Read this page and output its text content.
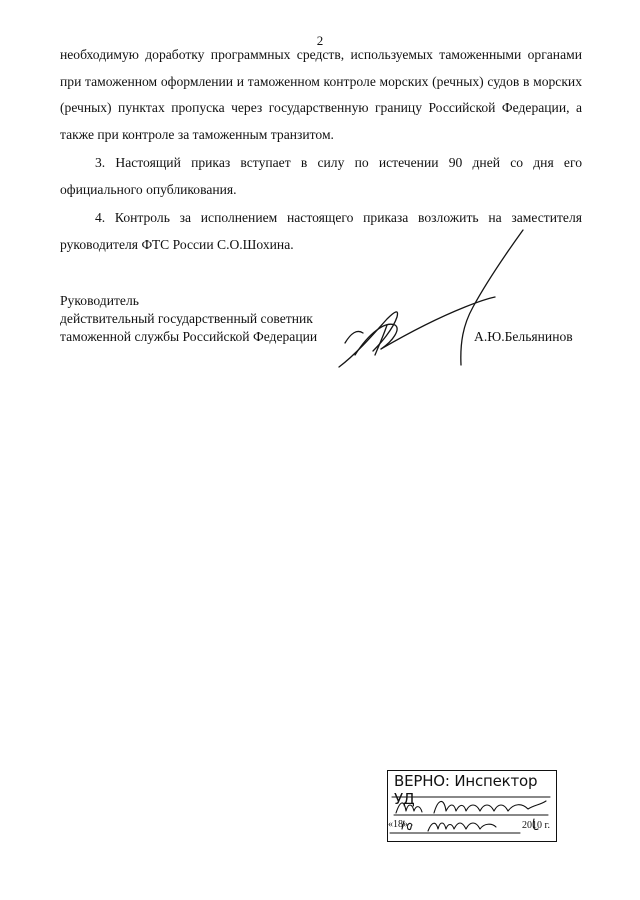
2

необходимую доработку программных средств, используемых таможенными органами при таможенном оформлении и таможенном контроле морских (речных) судов в морских (речных) пунктах пропуска через государственную границу Российской Федерации, а также при контроле за таможенным транзитом.

3. Настоящий приказ вступает в силу по истечении 90 дней со дня его официального опубликования.

4. Контроль за исполнением настоящего приказа возложить на заместителя руководителя ФТС России С.О.Шохина.

Руководитель
действительный государственный советник
таможенной службы Российской Федерации	А.Ю.Бельянинов
ВЕРНО: Инспектор УД
«18»	2010 г.
